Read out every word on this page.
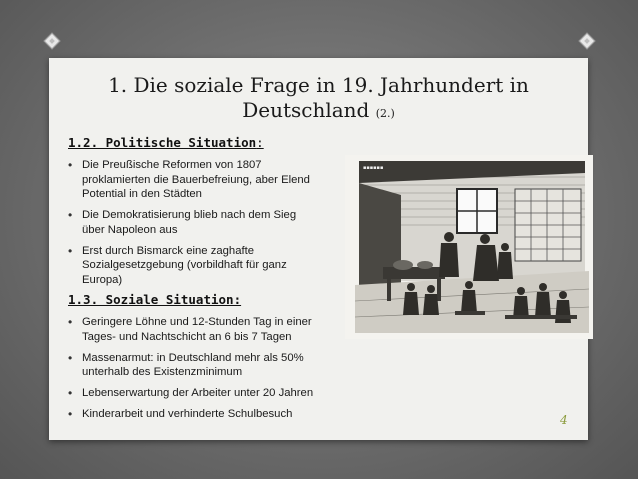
1. Die soziale Frage in 19. Jahrhundert in
Deutschland (2.)
1.2. Politische Situation:
• Die Preußische Reformen von 1807 proklamierten die Bauerbefreiung, aber Elend Potential in den Städten
• Die Demokratisierung blieb nach dem Sieg über Napoleon aus
• Erst durch Bismarck eine zaghafte Sozialgesetzgebung (vorbildhaft für ganz Europa)
1.3. Soziale Situation:
• Geringere Löhne und 12-Stunden Tag in einer Tages- und Nachtschicht an 6 bis 7 Tagen
• Massenarmut: in Deutschland mehr als 50% unterhalb des Existenzminimum
• Lebenserwartung der Arbeiter unter 20 Jahren
• Kinderarbeit und verhinderte Schulbesuch
▪▪▪▪▪▪
4
